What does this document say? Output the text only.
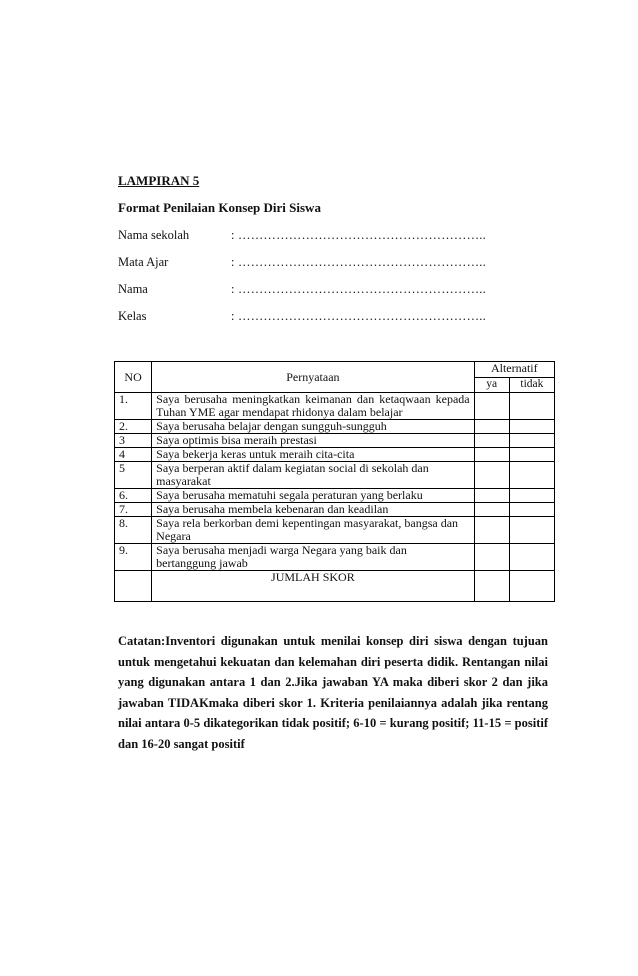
LAMPIRAN 5
Format Penilaian Konsep Diri Siswa
Nama sekolah	: …………………………………………………..
Mata Ajar	: …………………………………………………..
Nama	: …………………………………………………..
Kelas	: …………………………………………………..
NO	Pernyataan	Alternatif	
		ya	tidak
1.	Saya berusaha meningkatkan keimanan dan ketaqwaan kepada Tuhan YME agar mendapat rhidonya dalam belajar		
2.	Saya berusaha belajar dengan sungguh-sungguh		
3	Saya optimis bisa meraih prestasi		
4	Saya bekerja keras untuk meraih cita-cita		
5	Saya berperan aktif dalam kegiatan social di sekolah dan masyarakat		
6.	Saya berusaha mematuhi segala peraturan yang berlaku		
7.	Saya berusaha membela kebenaran dan keadilan		
8.	Saya rela berkorban demi kepentingan masyarakat, bangsa dan Negara		
9.	Saya berusaha menjadi warga Negara yang baik dan bertanggung jawab		
	JUMLAH SKOR		

Catatan:Inventori digunakan untuk menilai konsep diri siswa dengan tujuan untuk mengetahui kekuatan dan kelemahan diri peserta didik. Rentangan nilai yang digunakan antara 1 dan 2.Jika jawaban YA maka diberi skor 2 dan jika jawaban TIDAKmaka diberi skor 1. Kriteria penilaiannya adalah jika rentang nilai antara 0-5 dikategorikan tidak positif; 6-10 = kurang positif; 11-15 = positif dan 16-20 sangat positif
